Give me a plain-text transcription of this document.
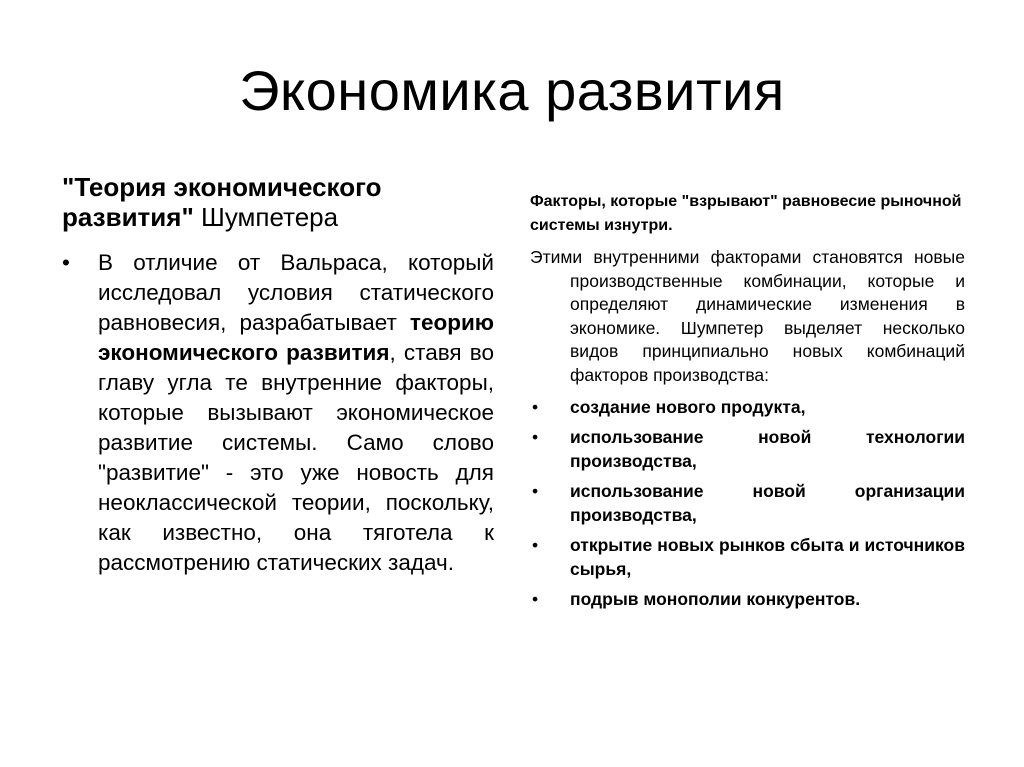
Экономика развития
"Теория экономического развития" Шумпетера
• В отличие от Вальраса, который исследовал условия статического равновесия, разрабатывает теорию экономического развития, ставя во главу угла те внутренние факторы, которые вызывают экономическое развитие системы. Само слово "развитие" - это уже новость для неоклассической теории, поскольку, как известно, она тяготела к рассмотрению статических задач.
Факторы, которые "взрывают" равновесие рыночной системы изнутри.
Этими внутренними факторами становятся новые производственные комбинации, которые и определяют динамические изменения в экономике. Шумпетер выделяет несколько видов принципиально новых комбинаций факторов производства:
• создание нового продукта,
• использование новой технологии производства,
• использование новой организации производства,
• открытие новых рынков сбыта и источников сырья,
• подрыв монополии конкурентов.
